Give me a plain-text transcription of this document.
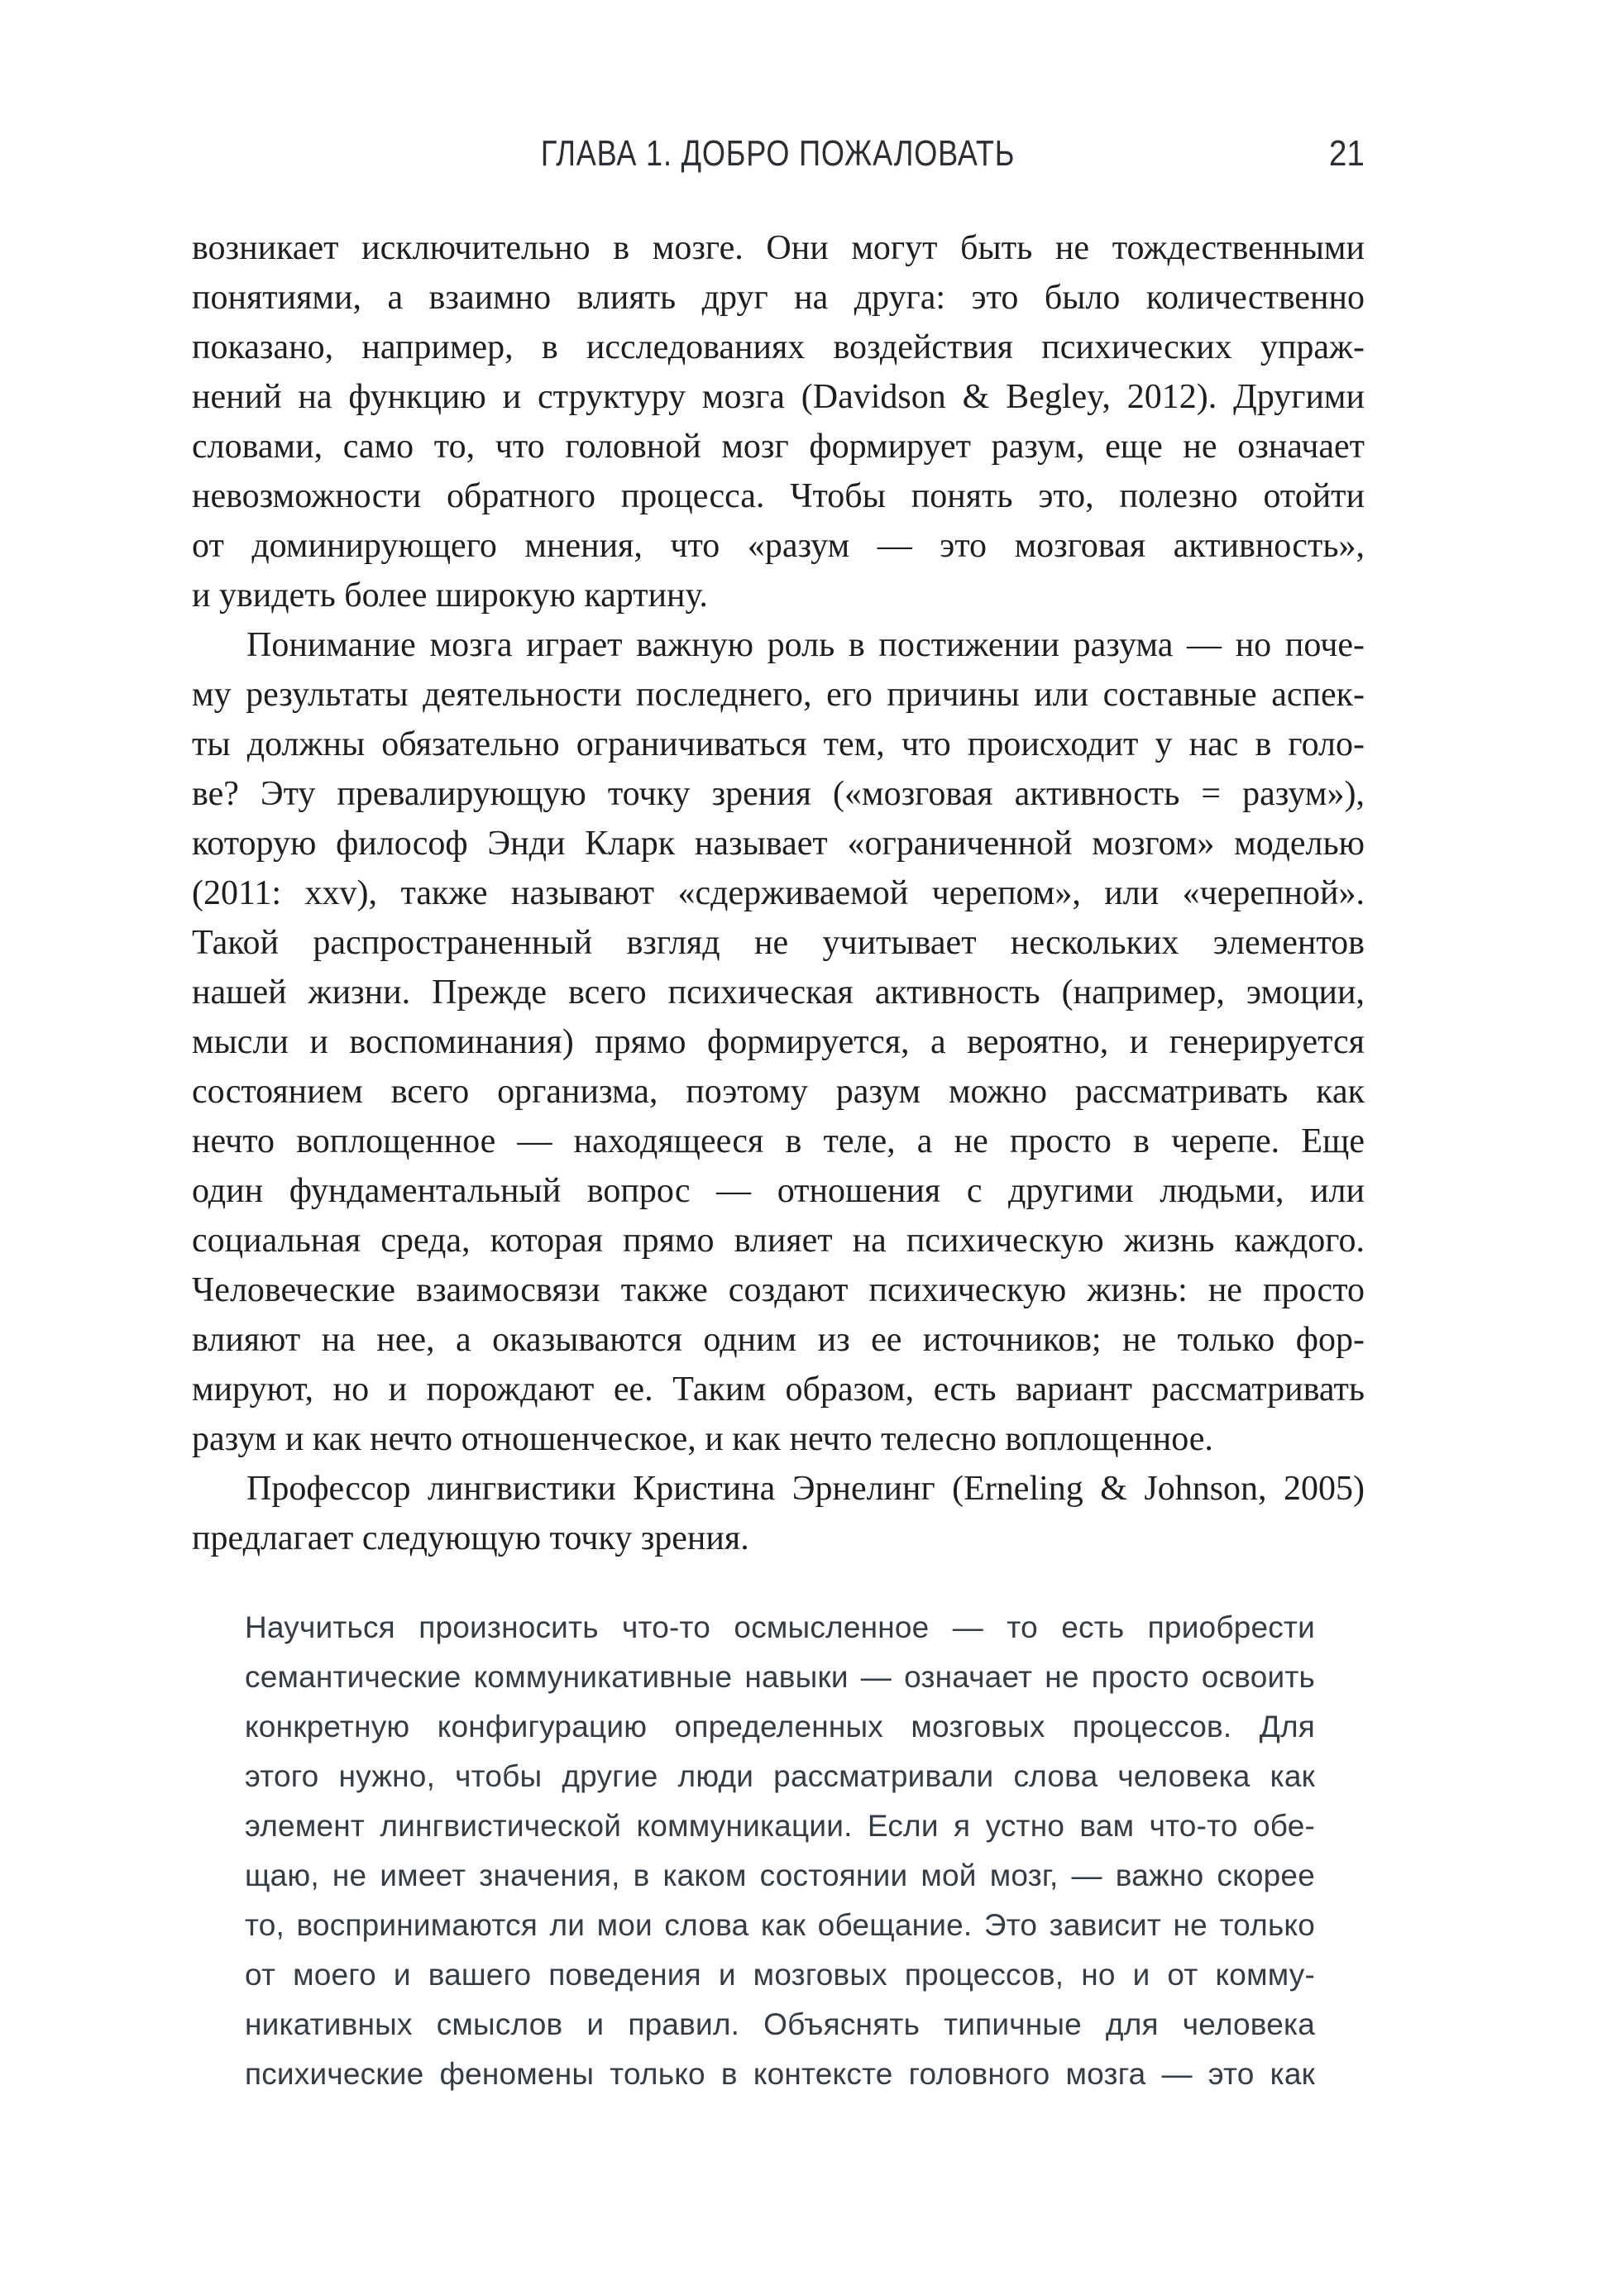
ГЛАВА 1. ДОБРО ПОЖАЛОВАТЬ	21
возникает исключительно в мозге. Они могут быть не тождественными
понятиями, а взаимно влиять друг на друга: это было количественно
показано, например, в исследованиях воздействия психических упраж-
нений на функцию и структуру мозга (Davidson & Begley, 2012). Другими
словами, само то, что головной мозг формирует разум, еще не означает
невозможности обратного процесса. Чтобы понять это, полезно отойти
от доминирующего мнения, что «разум — это мозговая активность»,
и увидеть более широкую картину.
Понимание мозга играет важную роль в постижении разума — но поче-
му результаты деятельности последнего, его причины или составные аспек-
ты должны обязательно ограничиваться тем, что происходит у нас в голо-
ве? Эту превалирующую точку зрения («мозговая активность = разум»),
которую философ Энди Кларк называет «ограниченной мозгом» моделью
(2011: xxv), также называют «сдерживаемой черепом», или «черепной».
Такой распространенный взгляд не учитывает нескольких элементов
нашей жизни. Прежде всего психическая активность (например, эмоции,
мысли и воспоминания) прямо формируется, а вероятно, и генерируется
состоянием всего организма, поэтому разум можно рассматривать как
нечто воплощенное — находящееся в теле, а не просто в черепе. Еще
один фундаментальный вопрос — отношения с другими людьми, или
социальная среда, которая прямо влияет на психическую жизнь каждого.
Человеческие взаимосвязи также создают психическую жизнь: не просто
влияют на нее, а оказываются одним из ее источников; не только фор-
мируют, но и порождают ее. Таким образом, есть вариант рассматривать
разум и как нечто отношенческое, и как нечто телесно воплощенное.
Профессор лингвистики Кристина Эрнелинг (Erneling & Johnson, 2005)
предлагает следующую точку зрения.
Научиться произносить что-то осмысленное — то есть приобрести
семантические коммуникативные навыки — означает не просто освоить
конкретную конфигурацию определенных мозговых процессов. Для
этого нужно, чтобы другие люди рассматривали слова человека как
элемент лингвистической коммуникации. Если я устно вам что-то обе-
щаю, не имеет значения, в каком состоянии мой мозг, — важно скорее
то, воспринимаются ли мои слова как обещание. Это зависит не только
от моего и вашего поведения и мозговых процессов, но и от комму-
никативных смыслов и правил. Объяснять типичные для человека
психические феномены только в контексте головного мозга — это как
